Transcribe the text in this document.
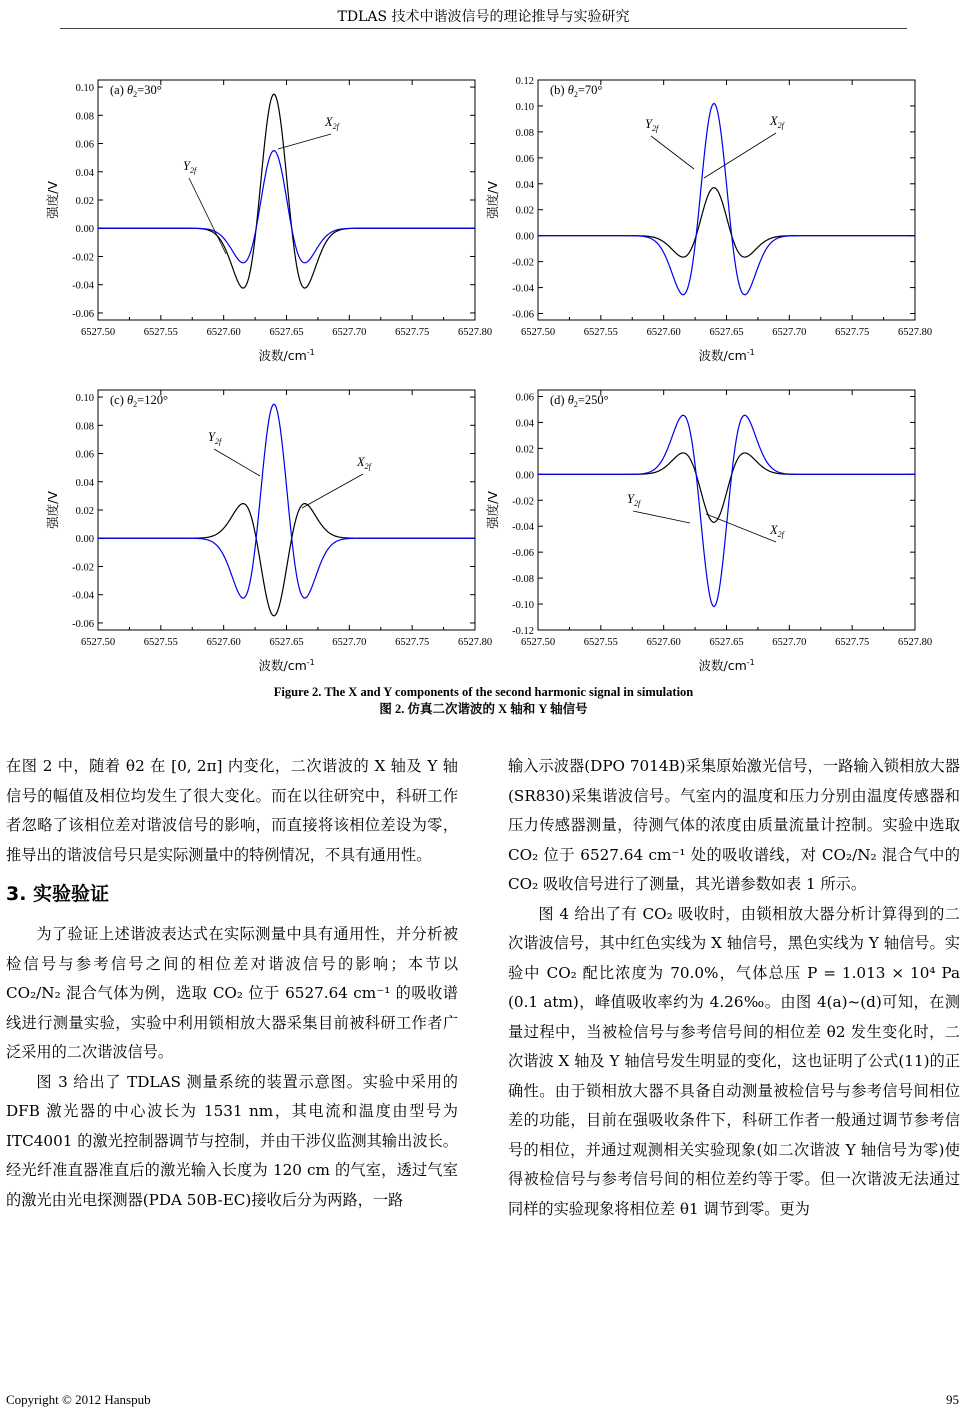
TDLAS 技术中谐波信号的理论推导与实验研究
6527.50	6527.55	6527.60	6527.65	6527.70	6527.75	6527.80
-0.06
-0.04
-0.02
0.00
0.02
0.04
0.06
0.08
0.10
波数$/cm^{-1}$
强度/V
(a) $\theta_2=30^\circ$
$X_{2f}$
$Y_{2f}$
6527.50	6527.55	6527.60	6527.65	6527.70	6527.75	6527.80
-0.06
-0.04
-0.02
0.00
0.02
0.04
0.06
0.08
0.10
0.12
波数$/cm^{-1}$
强度/V
(b) $\theta_2=70^\circ$
$Y_{2f}$
$X_{2f}$
6527.50	6527.55	6527.60	6527.65	6527.70	6527.75	6527.80
-0.06
-0.04
-0.02
0.00
0.02
0.04
0.06
0.08
0.10
波数$/cm^{-1}$
强度/V
(c) $\theta_2=120^\circ$
$Y_{2f}$
$X_{2f}$
6527.50	6527.55	6527.60	6527.65	6527.70	6527.75	6527.80
-0.12
-0.10
-0.08
-0.06
-0.04
-0.02
0.00
0.02
0.04
0.06
波数$/cm^{-1}$
强度/V
(d) $\theta_2=250^\circ$
$Y_{2f}$
$X_{2f}$
Figure 2. The X and Y components of the second harmonic signal in simulation
图 2. 仿真二次谐波的 X 轴和 Y 轴信号

在图 2 中，随着 θ2 在 [0, 2π] 内变化，二次谐波的 X 轴及 Y 轴信号的幅值及相位均发生了很大变化。而在以往研究中，科研工作者忽略了该相位差对谐波信号的影响，而直接将该相位差设为零，推导出的谐波信号只是实际测量中的特例情况，不具有通用性。

3. 实验验证

为了验证上述谐波表达式在实际测量中具有通用性，并分析被检信号与参考信号之间的相位差对谐波信号的影响；本节以 CO₂/N₂ 混合气体为例，选取 CO₂ 位于 6527.64 cm⁻¹ 的吸收谱线进行测量实验，实验中利用锁相放大器采集目前被科研工作者广泛采用的二次谐波信号。

图 3 给出了 TDLAS 测量系统的装置示意图。实验中采用的 DFB 激光器的中心波长为 1531 nm，其电流和温度由型号为 ITC4001 的激光控制器调节与控制，并由干涉仪监测其输出波长。经光纤准直器准直后的激光输入长度为 120 cm 的气室，透过气室的激光由光电探测器(PDA 50B-EC)接收后分为两路，一路

输入示波器(DPO 7014B)采集原始激光信号，一路输入锁相放大器(SR830)采集谐波信号。气室内的温度和压力分别由温度传感器和压力传感器测量，待测气体的浓度由质量流量计控制。实验中选取 CO₂ 位于 6527.64 cm⁻¹ 处的吸收谱线，对 CO₂/N₂ 混合气中的 CO₂ 吸收信号进行了测量，其光谱参数如表 1 所示。

图 4 给出了有 CO₂ 吸收时，由锁相放大器分析计算得到的二次谐波信号，其中红色实线为 X 轴信号，黑色实线为 Y 轴信号。实验中 CO₂ 配比浓度为 70.0%，气体总压 P = 1.013 × 10⁴ Pa (0.1 atm)，峰值吸收率约为 4.26‰。由图 4(a)~(d)可知，在测量过程中，当被检信号与参考信号间的相位差 θ2 发生变化时，二次谐波 X 轴及 Y 轴信号发生明显的变化，这也证明了公式(11)的正确性。由于锁相放大器不具备自动测量被检信号与参考信号间相位差的功能，目前在强吸收条件下，科研工作者一般通过调节参考信号的相位，并通过观测相关实验现象(如二次谐波 Y 轴信号为零)使得被检信号与参考信号间的相位差约等于零。但一次谐波无法通过同样的实验现象将相位差 θ1 调节到零。更为

Copyright © 2012 Hanspub	95
